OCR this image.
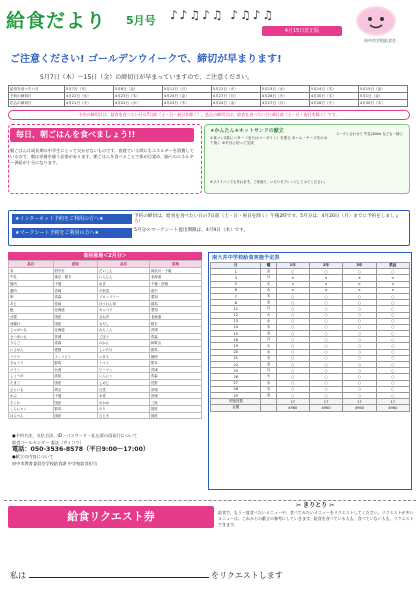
給食だより 5月号 ♪♪♫♪♫ ♪♫♪♫
4月15日訂正版
府中市学校給食会
ご注意ください! ゴールデンウイークで、締切が早まります!
5月7日（木）～15日（金）の締切日が早まっていますので、ご注意ください。
給食を食べたい日	5月7日（木）	5月8日（金）	5月11日（月）	5月12日（火）	5月13日（水）	5月14日（木）	5月15日（金）
予約の締切日	4月22日（水）	4月23日（木）	4月24日（金）	4月27日（月）	4月28日（火）	4月30日（木）	5月1日（金）
払込の締切日	4月21日（火）	4月22日（水）	4月23日（木）	4月24日（金）	4月27日（月）	4月28日（火）	4月30日（木）
予約の締切日は、給食を食べたい日の7日前（土・日・祝日を除く）。払込の締切日は、給食を食べたい日の8日前（土・日・祝日を除く）です。
毎日、朝ごはんを食べましょう!!
朝ごはんは成長期の中学生にとって欠かせないものです。夜寝ている間にもエネルギーを消費しているので、朝は栄養を補う必要があります。朝ごはんを食べることで体が目覚め、脳へのエネルギー供給が十分になります。
★かんたん★ホットサンドの献立
①食パン2枚にバター（またはマーガリン）を塗る ②ハム・チーズをのせて焼く ③半分に切って完成
スープと合わせて 牛乳200ml なども一緒に
※フライパンでも作れます。ご家庭で、いろいろアレンジしてみてください。
★インターネット予約をご利用の方へ★	予約の締切は、給食を食べたい日の7日前（土・日・祝日を除く）午後2時です。5月分は、4月20日（月）までに予約をしましょう！
★マークシート予約をご利用の方へ★	5月分のマークシート提出期限は、4月9日（木）です。
食材産地＜2月分＞
品目	産地	品目	産地
米	府中市	だいこん	神奈川・千葉
牛乳	東京・栃木	にんじん	北海道
豚肉	千葉	ねぎ	千葉・茨城
鶏肉	宮崎	小松菜	府中
卵	青森	ブロッコリー	愛知
あじ	長崎	ほうれん草	群馬
鮭	北海道	キャベツ	愛知
豆腐	国産	玉ねぎ	北海道
油揚げ	国産	もやし	栃木
じゃがいも	北海道	れんこん	茨城
さつまいも	茨城	ごぼう	青森
りんご	青森	みかん	和歌山
いよかん	愛媛	しいたけ	群馬
バナナ	フィリピン	レタス	静岡
きゅうり	群馬	トマト	熊本
パイン	台湾	ピーマン	茨城
しょうが	高知	にんにく	青森
たまご	国産	しめじ	長野
さといも	埼玉	白菜	茨城
かぶ	千葉	水菜	茨城
ちくわ	国産	わかめ	三陸
こんにゃく	群馬	のり	国産
はんぺん	国産	ひじき	国産
●予約方法、支払方法、ID・パスワード・払込票の再発行について
給食コールセンター 委託（サイコウ）
電話：050-3536-8578（平日9:00～17:00）
●献立の内容について
府中市教育委員会学校給食課 中学校給食担当
南大井中学校給食実施予定表
日	曜	1年	2年	3年	教員
1	金	○	○	○	○
4	月	×	×	×	×
5	火	×	×	×	×
6	水	×	×	×	×
7	木	○	○	○	○
8	金	○	○	○	○
11	月	○	○	○	○
12	火	○	○	○	○
13	水	○	○	○	○
14	木	○	○	○	○
15	金	○	○	○	○
18	月	○	○	○	○
19	火	○	○	○	○
20	水	○	○	○	○
21	木	○	○	○	○
22	金	○	○	○	○
25	月	○	○	○	○
26	火	○	○	○	○
27	水	○	○	○	○
28	木	○	○	○	○
29	金	○	○	○	○
実施回数		17	17	17	17
金額		4960	4960	4960	4960
給食リクエスト券
私は	をリクエストします
✂ きりとり ✂
給食で、もう一度食べたいメニューや、食べてみたいメニューをリクエストしてください。リクエストが多いメニューは、これからの献立の参考にしていきます。給食を食べている人も、食べていない人も、リクエストできます。
